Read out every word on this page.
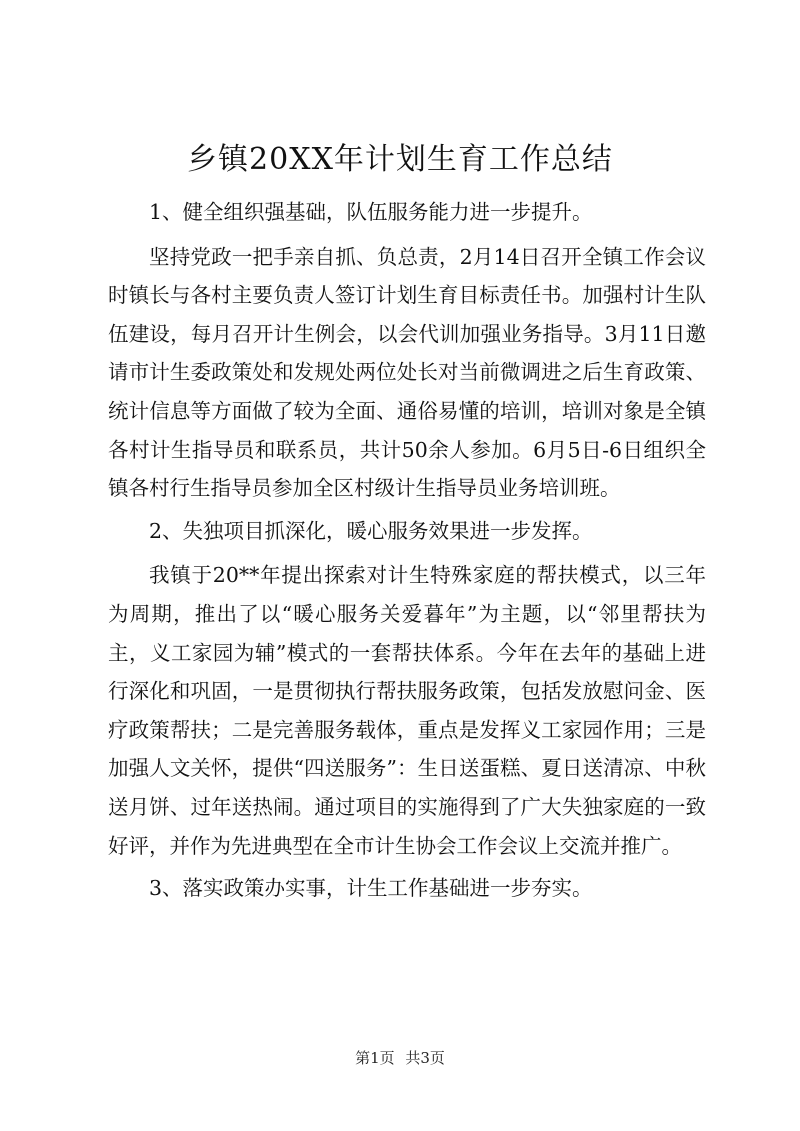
乡镇20XX年计划生育工作总结

1、健全组织强基础，队伍服务能力进一步提升。

坚持党政一把手亲自抓、负总责，2月14日召开全镇工作会议时镇长与各村主要负责人签订计划生育目标责任书。加强村计生队伍建设，每月召开计生例会，以会代训加强业务指导。3月11日邀请市计生委政策处和发规处两位处长对当前微调进之后生育政策、统计信息等方面做了较为全面、通俗易懂的培训，培训对象是全镇各村计生指导员和联系员，共计50余人参加。6月5日-6日组织全镇各村行生指导员参加全区村级计生指导员业务培训班。

2、失独项目抓深化，暖心服务效果进一步发挥。

我镇于20**年提出探索对计生特殊家庭的帮扶模式，以三年为周期，推出了以“暖心服务关爱暮年”为主题，以“邻里帮扶为主，义工家园为辅”模式的一套帮扶体系。今年在去年的基础上进行深化和巩固，一是贯彻执行帮扶服务政策，包括发放慰问金、医疗政策帮扶；二是完善服务载体，重点是发挥义工家园作用；三是加强人文关怀，提供“四送服务”：生日送蛋糕、夏日送清凉、中秋送月饼、过年送热闹。通过项目的实施得到了广大失独家庭的一致好评，并作为先进典型在全市计生协会工作会议上交流并推广。

3、落实政策办实事，计生工作基础进一步夯实。

第1页 共3页
